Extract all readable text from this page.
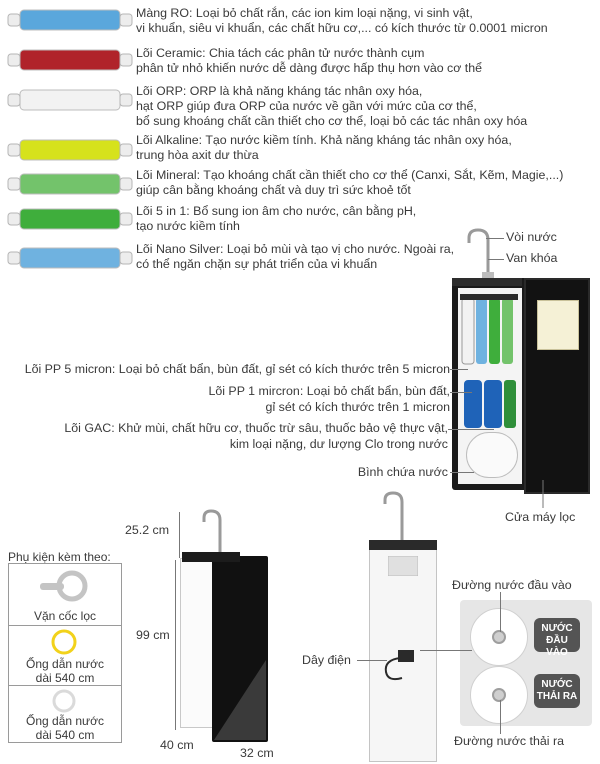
Màng RO: Loại bỏ chất rắn, các ion kim loại nặng, vi sinh vật,
vi khuẩn, siêu vi khuẩn, các chất hữu cơ,... có kích thước từ 0.0001 micron
Lõi Ceramic: Chia tách các phân tử nước thành cụm
phân tử nhỏ khiến nước dễ dàng được hấp thụ hơn vào cơ thể
Lõi ORP: ORP là khả năng kháng tác nhân oxy hóa,
hạt ORP giúp đưa ORP của nước về gần với mức của cơ thể,
bổ sung khoáng chất cần thiết cho cơ thể, loại bỏ các tác nhân oxy hóa
Lõi Alkaline: Tạo nước kiềm tính. Khả năng kháng tác nhân oxy hóa,
trung hòa axit dư thừa
Lõi Mineral: Tạo khoáng chất cần thiết cho cơ thể (Canxi, Sắt, Kẽm, Magie,...)
giúp cân bằng khoáng chất và duy trì sức khoẻ tốt
Lõi 5 in 1: Bổ sung ion âm cho nước, cân bằng pH,
tạo nước kiềm tính
Lõi Nano Silver: Loại bỏ mùi và tạo vị cho nước. Ngoài ra,
có thể ngăn chặn sự phát triển của vi khuẩn
Vòi nước
Van khóa
Lõi PP 5 micron: Loại bỏ chất bẩn, bùn đất, gỉ sét có kích thước trên 5 micron
Lõi PP 1 mircron: Loại bỏ chất bẩn, bùn đất,
gỉ sét có kích thước trên 1 micron
Lõi GAC: Khử mùi, chất hữu cơ, thuốc trừ sâu, thuốc bảo vệ thực vật,
kim loại nặng, dư lượng Clo trong nước
Bình chứa nước
Cửa máy lọc
Phụ kiện kèm theo:
Vặn cốc lọc
Ống dẫn nước
dài 540 cm
Ống dẫn nước
dài 540 cm
25.2 cm
99 cm
40 cm
32 cm
Dây điện
NƯỚC
ĐẦU VÀO
NƯỚC
THẢI RA
Đường nước đầu vào
Đường nước thải ra
